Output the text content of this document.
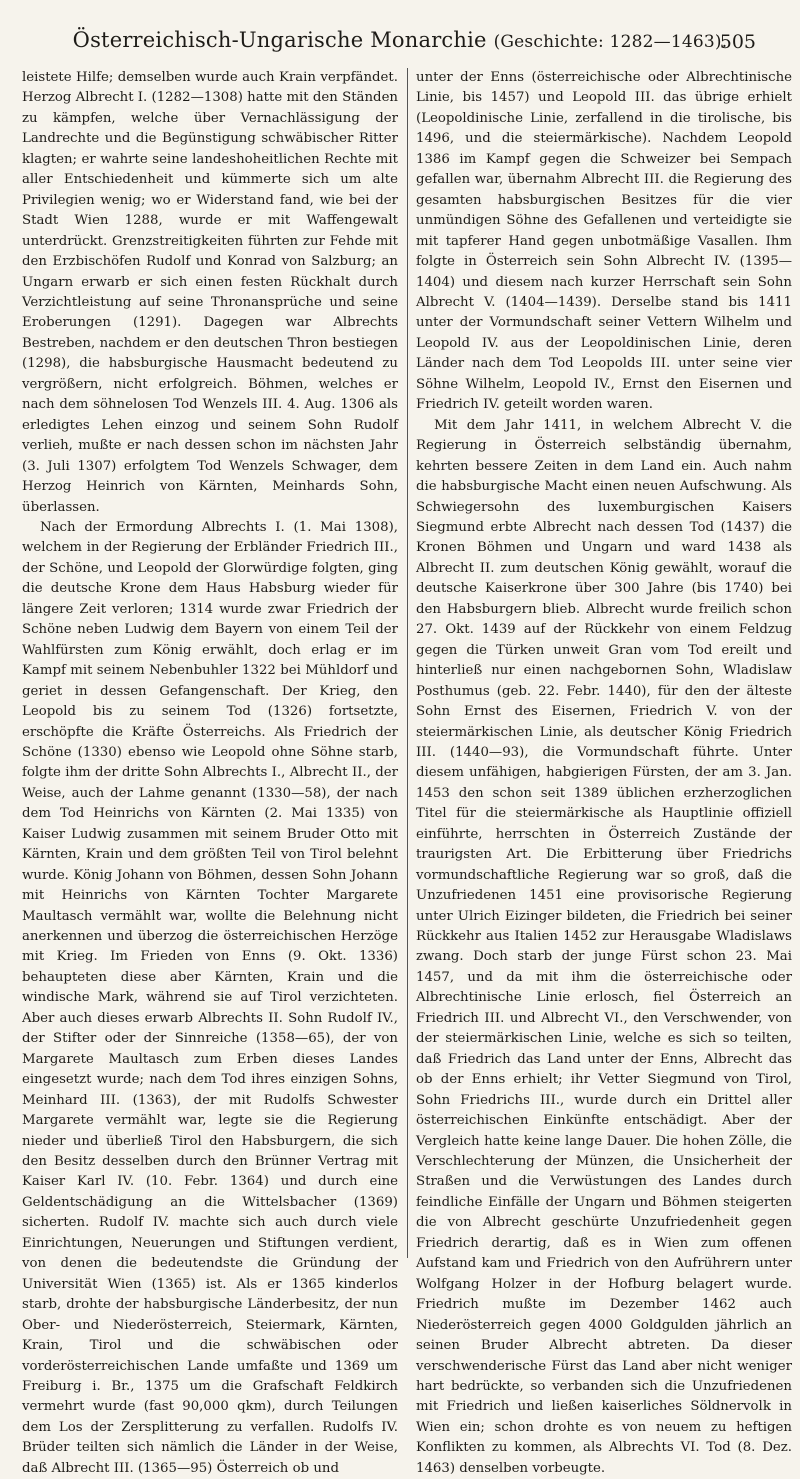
Österreichisch-Ungarische Monarchie (Geschichte: 1282—1463).
505

leistete Hilfe; demselben wurde auch Krain verpfändet. Herzog Albrecht I. (1282—1308) hatte mit den Ständen zu kämpfen, welche über Vernachlässigung der Landrechte und die Begünstigung schwäbischer Ritter klagten; er wahrte seine landeshoheitlichen Rechte mit aller Entschiedenheit und kümmerte sich um alte Privilegien wenig; wo er Widerstand fand, wie bei der Stadt Wien 1288, wurde er mit Waffengewalt unterdrückt. Grenzstreitigkeiten führten zur Fehde mit den Erzbischöfen Rudolf und Konrad von Salzburg; an Ungarn erwarb er sich einen festen Rückhalt durch Verzichtleistung auf seine Thronansprüche und seine Eroberungen (1291). Dagegen war Albrechts Bestreben, nachdem er den deutschen Thron bestiegen (1298), die habsburgische Hausmacht bedeutend zu vergrößern, nicht erfolgreich. Böhmen, welches er nach dem söhnelosen Tod Wenzels III. 4. Aug. 1306 als erledigtes Lehen einzog und seinem Sohn Rudolf verlieh, mußte er nach dessen schon im nächsten Jahr (3. Juli 1307) erfolgtem Tod Wenzels Schwager, dem Herzog Heinrich von Kärnten, Meinhards Sohn, überlassen.

Nach der Ermordung Albrechts I. (1. Mai 1308), welchem in der Regierung der Erbländer Friedrich III., der Schöne, und Leopold der Glorwürdige folgten, ging die deutsche Krone dem Haus Habsburg wieder für längere Zeit verloren; 1314 wurde zwar Friedrich der Schöne neben Ludwig dem Bayern von einem Teil der Wahlfürsten zum König erwählt, doch erlag er im Kampf mit seinem Nebenbuhler 1322 bei Mühldorf und geriet in dessen Gefangenschaft. Der Krieg, den Leopold bis zu seinem Tod (1326) fortsetzte, erschöpfte die Kräfte Österreichs. Als Friedrich der Schöne (1330) ebenso wie Leopold ohne Söhne starb, folgte ihm der dritte Sohn Albrechts I., Albrecht II., der Weise, auch der Lahme genannt (1330—58), der nach dem Tod Heinrichs von Kärnten (2. Mai 1335) von Kaiser Ludwig zusammen mit seinem Bruder Otto mit Kärnten, Krain und dem größten Teil von Tirol belehnt wurde. König Johann von Böhmen, dessen Sohn Johann mit Heinrichs von Kärnten Tochter Margarete Maultasch vermählt war, wollte die Belehnung nicht anerkennen und überzog die österreichischen Herzöge mit Krieg. Im Frieden von Enns (9. Okt. 1336) behaupteten diese aber Kärnten, Krain und die windische Mark, während sie auf Tirol verzichteten. Aber auch dieses erwarb Albrechts II. Sohn Rudolf IV., der Stifter oder der Sinnreiche (1358—65), der von Margarete Maultasch zum Erben dieses Landes eingesetzt wurde; nach dem Tod ihres einzigen Sohns, Meinhard III. (1363), der mit Rudolfs Schwester Margarete vermählt war, legte sie die Regierung nieder und überließ Tirol den Habsburgern, die sich den Besitz desselben durch den Brünner Vertrag mit Kaiser Karl IV. (10. Febr. 1364) und durch eine Geldentschädigung an die Wittelsbacher (1369) sicherten. Rudolf IV. machte sich auch durch viele Einrichtungen, Neuerungen und Stiftungen verdient, von denen die bedeutendste die Gründung der Universität Wien (1365) ist. Als er 1365 kinderlos starb, drohte der habsburgische Länderbesitz, der nun Ober- und Niederösterreich, Steiermark, Kärnten, Krain, Tirol und die schwäbischen oder vorderösterreichischen Lande umfaßte und 1369 um Freiburg i. Br., 1375 um die Grafschaft Feldkirch vermehrt wurde (fast 90,000 qkm), durch Teilungen dem Los der Zersplitterung zu verfallen. Rudolfs IV. Brüder teilten sich nämlich die Länder in der Weise, daß Albrecht III. (1365—95) Österreich ob und

unter der Enns (österreichische oder Albrechtinische Linie, bis 1457) und Leopold III. das übrige erhielt (Leopoldinische Linie, zerfallend in die tirolische, bis 1496, und die steiermärkische). Nachdem Leopold 1386 im Kampf gegen die Schweizer bei Sempach gefallen war, übernahm Albrecht III. die Regierung des gesamten habsburgischen Besitzes für die vier unmündigen Söhne des Gefallenen und verteidigte sie mit tapferer Hand gegen unbotmäßige Vasallen. Ihm folgte in Österreich sein Sohn Albrecht IV. (1395—1404) und diesem nach kurzer Herrschaft sein Sohn Albrecht V. (1404—1439). Derselbe stand bis 1411 unter der Vormundschaft seiner Vettern Wilhelm und Leopold IV. aus der Leopoldinischen Linie, deren Länder nach dem Tod Leopolds III. unter seine vier Söhne Wilhelm, Leopold IV., Ernst den Eisernen und Friedrich IV. geteilt worden waren.

Mit dem Jahr 1411, in welchem Albrecht V. die Regierung in Österreich selbständig übernahm, kehrten bessere Zeiten in dem Land ein. Auch nahm die habsburgische Macht einen neuen Aufschwung. Als Schwiegersohn des luxemburgischen Kaisers Siegmund erbte Albrecht nach dessen Tod (1437) die Kronen Böhmen und Ungarn und ward 1438 als Albrecht II. zum deutschen König gewählt, worauf die deutsche Kaiserkrone über 300 Jahre (bis 1740) bei den Habsburgern blieb. Albrecht wurde freilich schon 27. Okt. 1439 auf der Rückkehr von einem Feldzug gegen die Türken unweit Gran vom Tod ereilt und hinterließ nur einen nachgebornen Sohn, Wladislaw Posthumus (geb. 22. Febr. 1440), für den der älteste Sohn Ernst des Eisernen, Friedrich V. von der steiermärkischen Linie, als deutscher König Friedrich III. (1440—93), die Vormundschaft führte. Unter diesem unfähigen, habgierigen Fürsten, der am 3. Jan. 1453 den schon seit 1389 üblichen erzherzoglichen Titel für die steiermärkische als Hauptlinie offiziell einführte, herrschten in Österreich Zustände der traurigsten Art. Die Erbitterung über Friedrichs vormundschaftliche Regierung war so groß, daß die Unzufriedenen 1451 eine provisorische Regierung unter Ulrich Eizinger bildeten, die Friedrich bei seiner Rückkehr aus Italien 1452 zur Herausgabe Wladislaws zwang. Doch starb der junge Fürst schon 23. Mai 1457, und da mit ihm die österreichische oder Albrechtinische Linie erlosch, fiel Österreich an Friedrich III. und Albrecht VI., den Verschwender, von der steiermärkischen Linie, welche es sich so teilten, daß Friedrich das Land unter der Enns, Albrecht das ob der Enns erhielt; ihr Vetter Siegmund von Tirol, Sohn Friedrichs III., wurde durch ein Drittel aller österreichischen Einkünfte entschädigt. Aber der Vergleich hatte keine lange Dauer. Die hohen Zölle, die Verschlechterung der Münzen, die Unsicherheit der Straßen und die Verwüstungen des Landes durch feindliche Einfälle der Ungarn und Böhmen steigerten die von Albrecht geschürte Unzufriedenheit gegen Friedrich derartig, daß es in Wien zum offenen Aufstand kam und Friedrich von den Aufrührern unter Wolfgang Holzer in der Hofburg belagert wurde. Friedrich mußte im Dezember 1462 auch Niederösterreich gegen 4000 Goldgulden jährlich an seinen Bruder Albrecht abtreten. Da dieser verschwenderische Fürst das Land aber nicht weniger hart bedrückte, so verbanden sich die Unzufriedenen mit Friedrich und ließen kaiserliches Söldnervolk in Wien ein; schon drohte es von neuem zu heftigen Konflikten zu kommen, als Albrechts VI. Tod (8. Dez. 1463) denselben vorbeugte.
